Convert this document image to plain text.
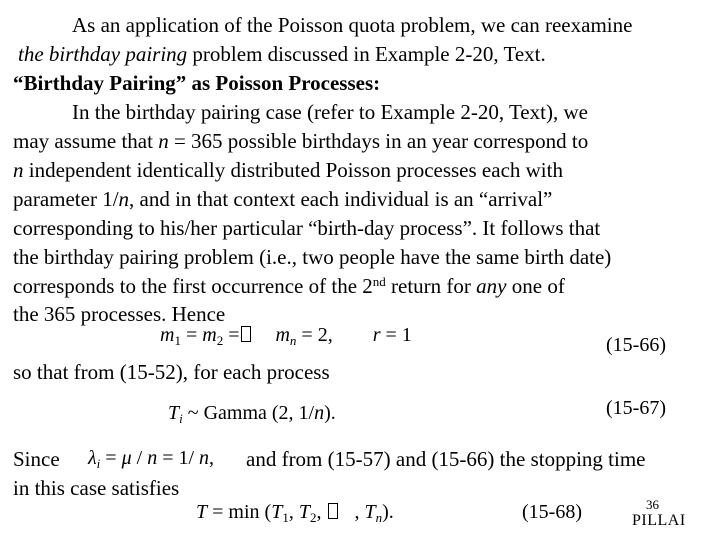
As an application of the Poisson quota problem, we can reexamine
the birthday pairing problem discussed in Example 2-20, Text.
“Birthday Pairing” as Poisson Processes:
In the birthday pairing case (refer to Example 2-20, Text), we
may assume that n = 365 possible birthdays in an year correspond to
n independent identically distributed Poisson processes each with
parameter 1/n, and in that context each individual is an “arrival”
corresponding to his/her particular “birth-day process”. It follows that
the birthday pairing problem (i.e., two people have the same birth date)
corresponds to the first occurrence of the 2nd return for any one of
the 365 processes. Hence
$m_1 = m_2 = m_n = 2$, r = 1	(15-66)
so that from (15-52), for each process
$T_i$ ~ Gamma (2, 1/n).	(15-67)
Since $\lambda_i = \mu / n = 1/$ n, and from (15-57) and (15-66) the stopping time
in this case satisfies
$T = \min (T_1$, $T_2$, , $T_n$).	(15-68)	36
PILLAI
